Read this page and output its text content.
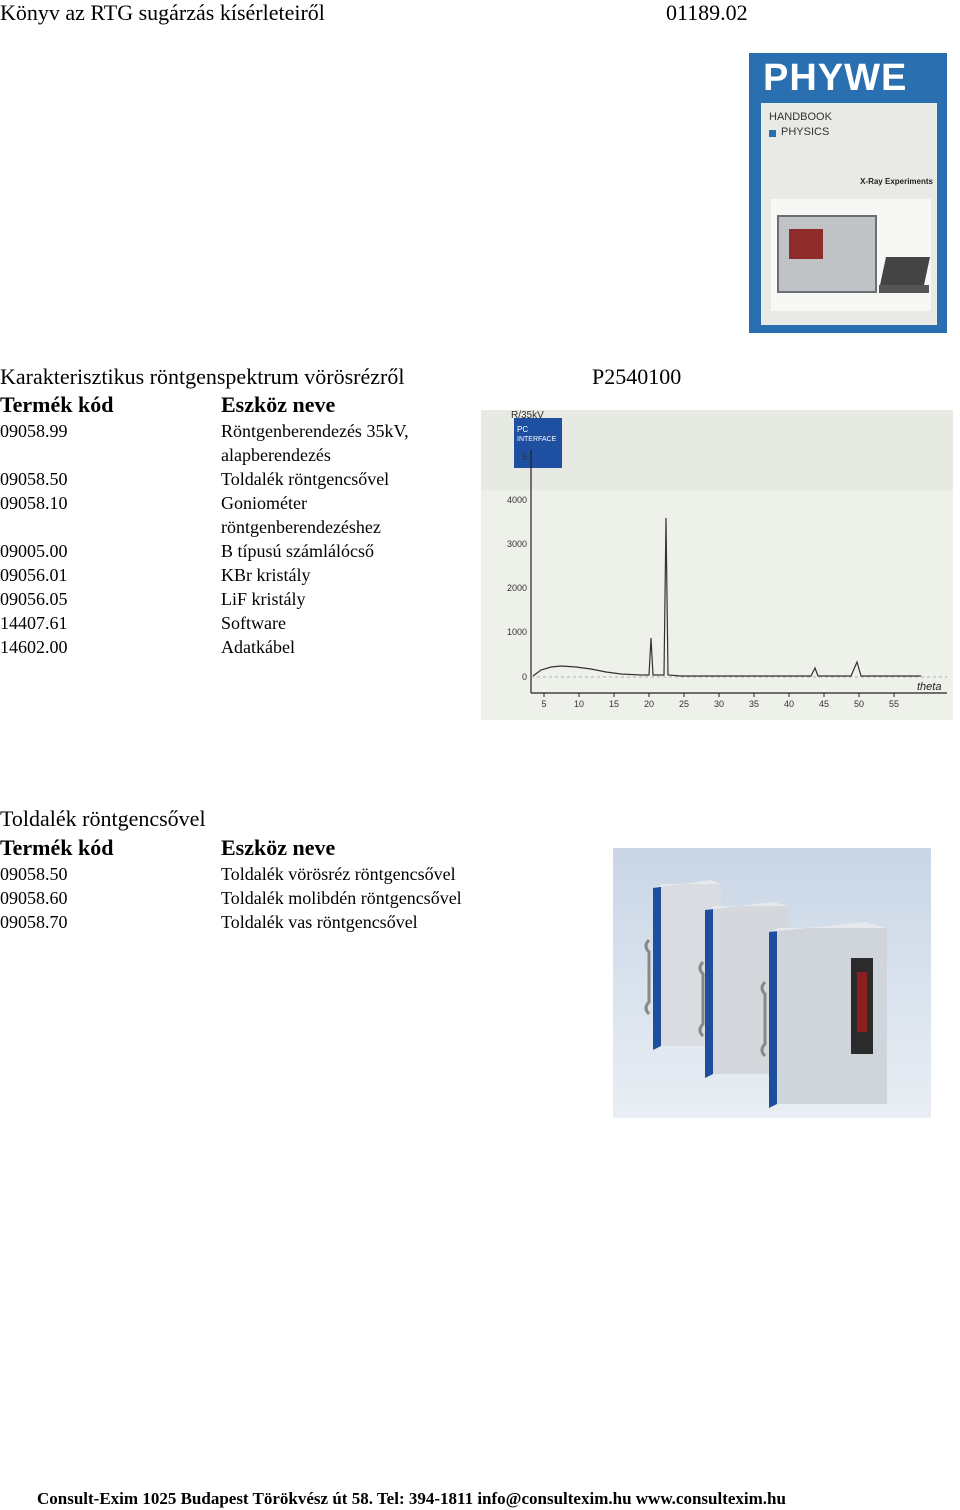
Könyv az RTG sugárzás kísérleteiről	01189.02
PHYWE
HANDBOOK
PHYSICS
X-Ray Experiments
Karakterisztikus röntgenspektrum vörösrézről	P2540100
Termék kód	Eszköz neve
09058.99	Röntgenberendezés 35kV,
alapberendezés
09058.50	Toldalék röntgencsővel
09058.10	Goniométer
röntgenberendezéshez
09005.00	B típusú számlálócső
09056.01	KBr kristály
09056.05	LiF kristály
14407.61	Software
14602.00	Adatkábel
PC
INTERFACE
R/35kV
5
4000
3000
2000
1000
0
5	10	15	20	25	30	35	40	45	50	55
theta
Toldalék röntgencsővel
Termék kód	Eszköz neve
09058.50	Toldalék vörösréz röntgencsővel
09058.60	Toldalék molibdén röntgencsővel
09058.70	Toldalék vas röntgencsővel
Consult-Exim 1025 Budapest Törökvész út 58. Tel: 394-1811 info@consultexim.hu www.consultexim.hu
